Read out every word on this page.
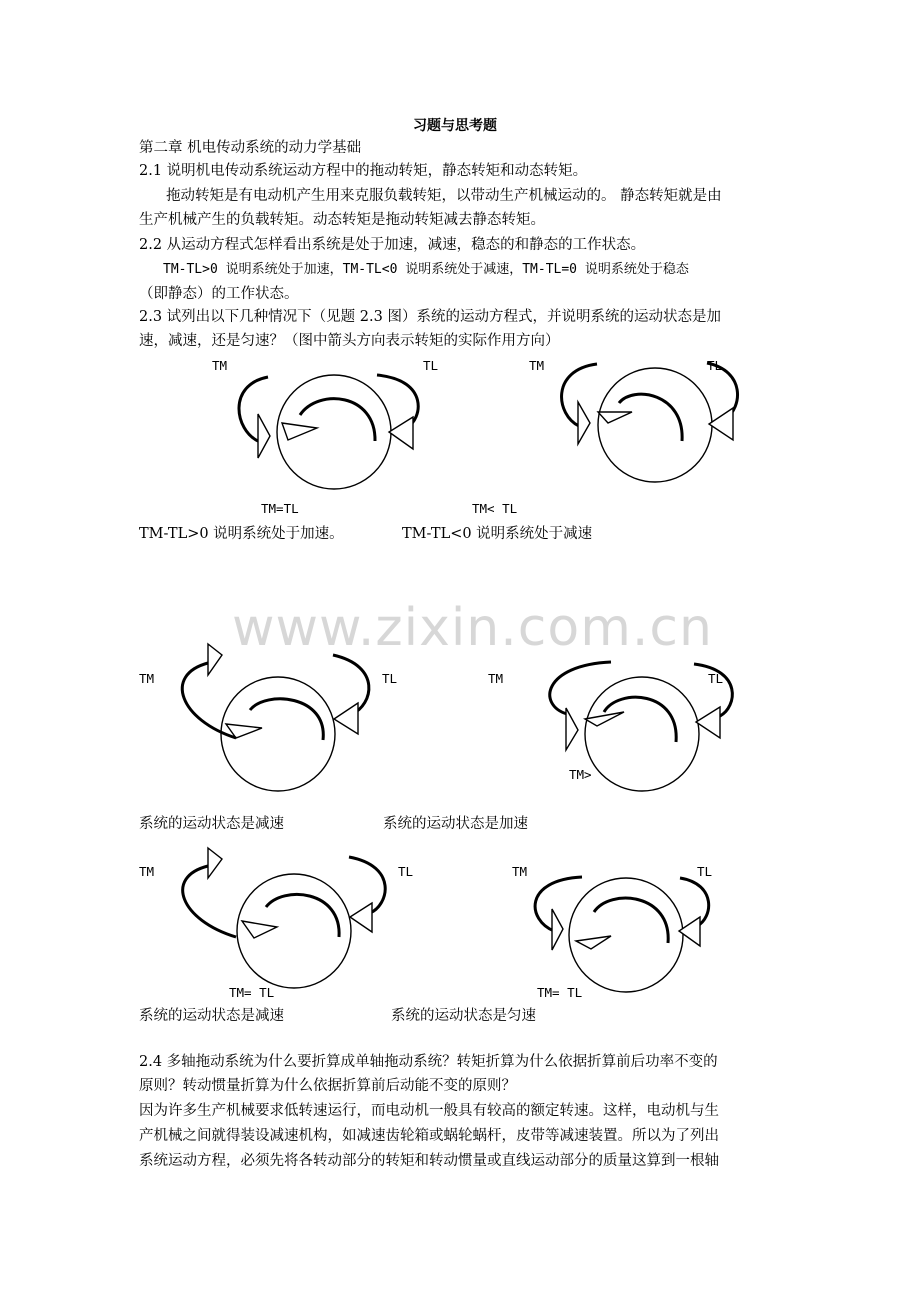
www.zixin.com.cn
习题与思考题
第二章 机电传动系统的动力学基础
2.1 说明机电传动系统运动方程中的拖动转矩，静态转矩和动态转矩。
拖动转矩是有电动机产生用来克服负载转矩，以带动生产机械运动的。 静态转矩就是由
生产机械产生的负载转矩。动态转矩是拖动转矩减去静态转矩。
2.2 从运动方程式怎样看出系统是处于加速，减速，稳态的和静态的工作状态。
TM-TL>0 说明系统处于加速，TM-TL<0 说明系统处于减速，TM-TL=0 说明系统处于稳态
（即静态）的工作状态。
2.3 试列出以下几种情况下（见题 2.3 图）系统的运动方程式，并说明系统的运动状态是加
速，减速，还是匀速？（图中箭头方向表示转矩的实际作用方向）
TM	TL	TM	TL
TM=TL	TM< TL
TM-TL>0 说明系统处于加速。	TM-TL<0 说明系统处于减速
TM	TL	TM	TL
TM>
系统的运动状态是减速	系统的运动状态是加速
TM	TL	TM	TL
TM= TL	TM= TL
系统的运动状态是减速	系统的运动状态是匀速
2.4 多轴拖动系统为什么要折算成单轴拖动系统？转矩折算为什么依据折算前后功率不变的
原则？转动惯量折算为什么依据折算前后动能不变的原则？
因为许多生产机械要求低转速运行，而电动机一般具有较高的额定转速。这样，电动机与生
产机械之间就得装设减速机构，如减速齿轮箱或蜗轮蜗杆，皮带等减速装置。所以为了列出
系统运动方程，必须先将各转动部分的转矩和转动惯量或直线运动部分的质量这算到一根轴
